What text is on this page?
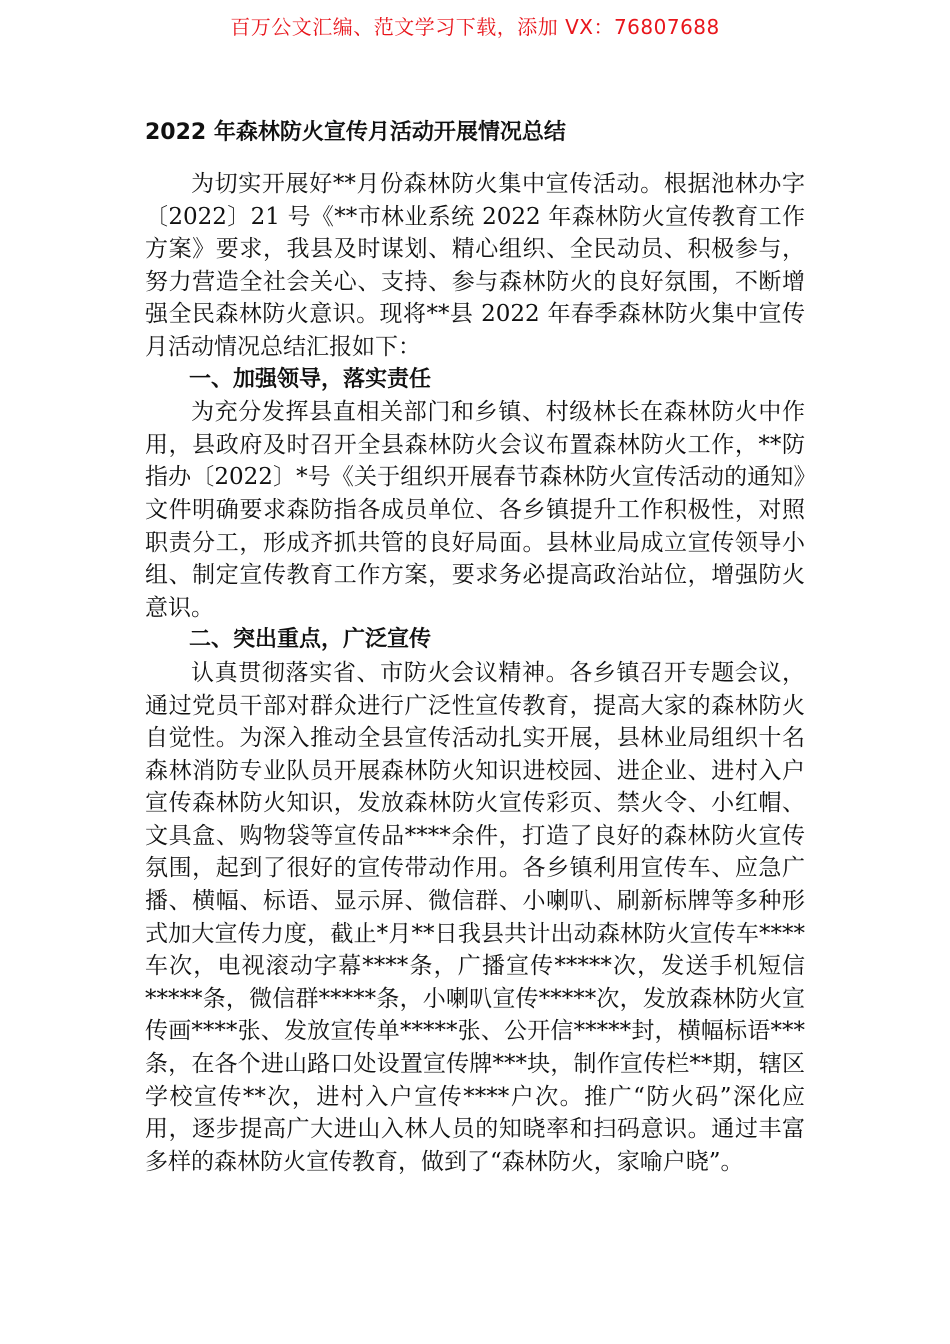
百万公文汇编、范文学习下载，添加 VX：76807688
2022 年森林防火宣传月活动开展情况总结

为切实开展好**月份森林防火集中宣传活动。根据池林办字〔2022〕21 号《**市林业系统 2022 年森林防火宣传教育工作方案》要求，我县及时谋划、精心组织、全民动员、积极参与，努力营造全社会关心、支持、参与森林防火的良好氛围，不断增强全民森林防火意识。现将**县 2022 年春季森林防火集中宣传月活动情况总结汇报如下：

一、加强领导，落实责任

为充分发挥县直相关部门和乡镇、村级林长在森林防火中作用，县政府及时召开全县森林防火会议布置森林防火工作，**防指办〔2022〕*号《关于组织开展春节森林防火宣传活动的通知》文件明确要求森防指各成员单位、各乡镇提升工作积极性，对照职责分工，形成齐抓共管的良好局面。县林业局成立宣传领导小组、制定宣传教育工作方案，要求务必提高政治站位，增强防火意识。

二、突出重点，广泛宣传

认真贯彻落实省、市防火会议精神。各乡镇召开专题会议，通过党员干部对群众进行广泛性宣传教育，提高大家的森林防火自觉性。为深入推动全县宣传活动扎实开展，县林业局组织十名森林消防专业队员开展森林防火知识进校园、进企业、进村入户宣传森林防火知识，发放森林防火宣传彩页、禁火令、小红帽、文具盒、购物袋等宣传品****余件，打造了良好的森林防火宣传氛围，起到了很好的宣传带动作用。各乡镇利用宣传车、应急广播、横幅、标语、显示屏、微信群、小喇叭、刷新标牌等多种形式加大宣传力度，截止*月**日我县共计出动森林防火宣传车****车次，电视滚动字幕****条，广播宣传*****次，发送手机短信*****条，微信群*****条，小喇叭宣传*****次，发放森林防火宣传画****张、发放宣传单*****张、公开信*****封，横幅标语***条，在各个进山路口处设置宣传牌***块，制作宣传栏**期，辖区学校宣传**次，进村入户宣传****户次。推广“防火码”深化应用，逐步提高广大进山入林人员的知晓率和扫码意识。通过丰富多样的森林防火宣传教育，做到了“森林防火，家喻户晓”。
